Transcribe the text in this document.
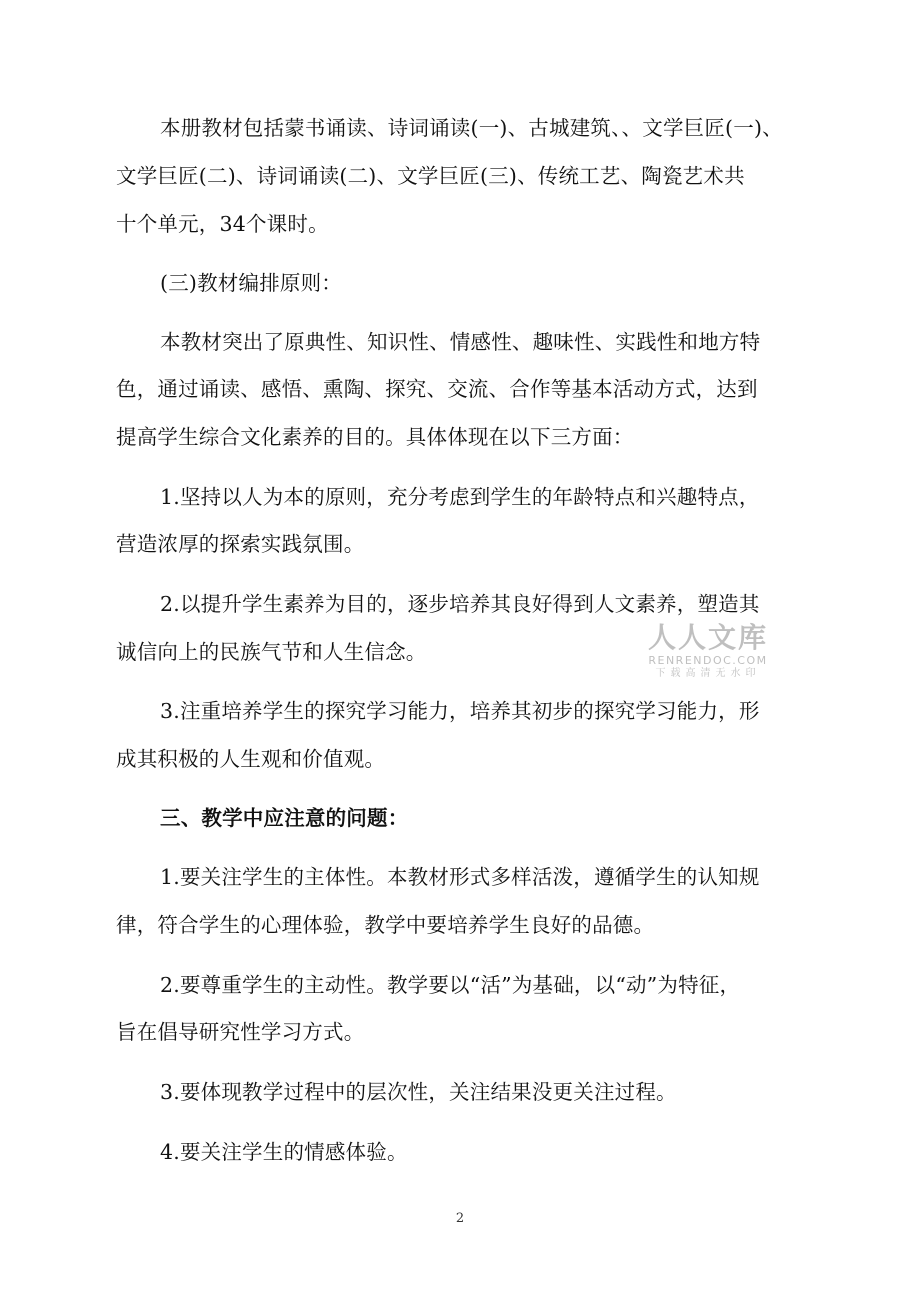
本册教材包括蒙书诵读、诗词诵读(一)、古城建筑、、文学巨匠(一)、
文学巨匠(二)、诗词诵读(二)、文学巨匠(三)、传统工艺、陶瓷艺术共
十个单元，34个课时。
(三)教材编排原则：
本教材突出了原典性、知识性、情感性、趣味性、实践性和地方特
色，通过诵读、感悟、熏陶、探究、交流、合作等基本活动方式，达到
提高学生综合文化素养的目的。具体体现在以下三方面：
1.坚持以人为本的原则，充分考虑到学生的年龄特点和兴趣特点，
营造浓厚的探索实践氛围。
2.以提升学生素养为目的，逐步培养其良好得到人文素养，塑造其
诚信向上的民族气节和人生信念。
3.注重培养学生的探究学习能力，培养其初步的探究学习能力，形
成其积极的人生观和价值观。
三、教学中应注意的问题：
1.要关注学生的主体性。本教材形式多样活泼，遵循学生的认知规
律，符合学生的心理体验，教学中要培养学生良好的品德。
2.要尊重学生的主动性。教学要以“活”为基础，以“动”为特征，
旨在倡导研究性学习方式。
3.要体现教学过程中的层次性，关注结果没更关注过程。
4.要关注学生的情感体验。
人人文库
RENRENDOC.COM
下载高清无水印
2
